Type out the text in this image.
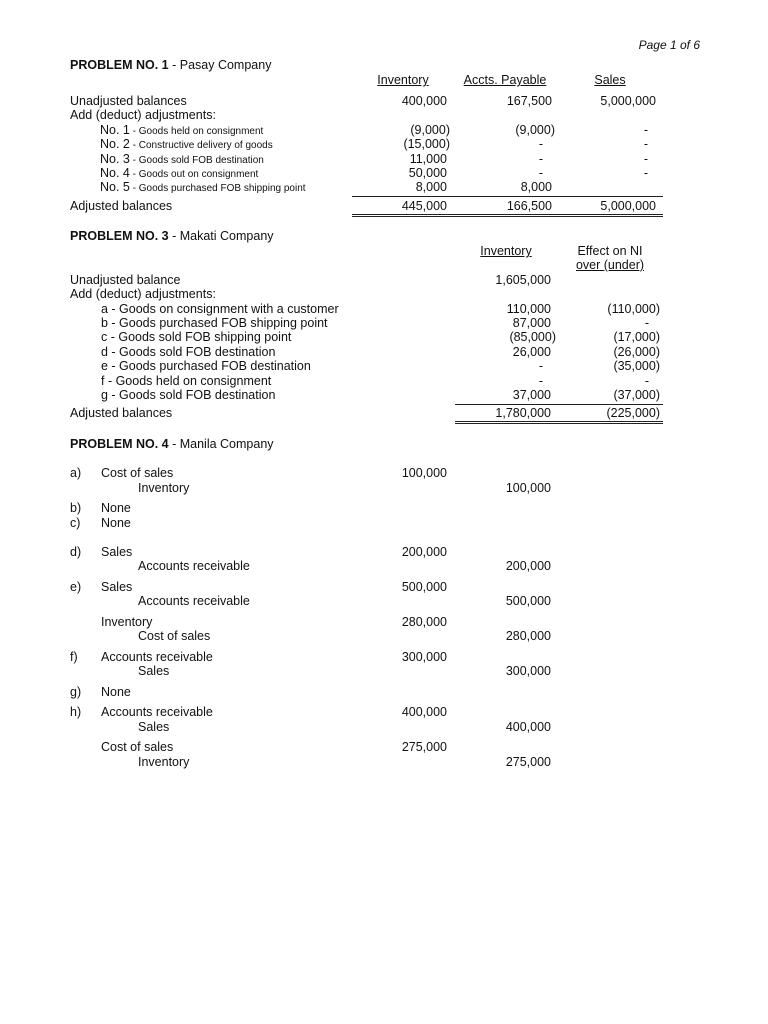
Page 1 of 6
PROBLEM NO. 1 - Pasay Company
Inventory	Accts. Payable	Sales
Unadjusted balances	400,000	167,500	5,000,000
Add (deduct) adjustments:
No. 1 - Goods held on consignment	(9,000)	(9,000)	-
No. 2 - Constructive delivery of goods	(15,000)	-	-
No. 3 - Goods sold FOB destination	11,000	-	-
No. 4 - Goods out on consignment	50,000	-	-
No. 5 - Goods purchased FOB shipping point	8,000	8,000
Adjusted balances	445,000	166,500	5,000,000
PROBLEM NO. 3 - Makati Company
Inventory	Effect on NI
over (under)
Unadjusted balance	1,605,000
Add (deduct) adjustments:
a - Goods on consignment with a customer	110,000	(110,000)
b - Goods purchased FOB shipping point	87,000	-
c - Goods sold FOB shipping point	(85,000)	(17,000)
d - Goods sold FOB destination	26,000	(26,000)
e - Goods purchased FOB destination	-	(35,000)
f - Goods held on consignment	-	-
g - Goods sold FOB destination	37,000	(37,000)
Adjusted balances	1,780,000	(225,000)
PROBLEM NO. 4 - Manila Company
a) Cost of sales	100,000
Inventory	100,000
b) None
c) None
d) Sales	200,000
Accounts receivable	200,000
e) Sales	500,000
Accounts receivable	500,000
Inventory	280,000
Cost of sales	280,000
f) Accounts receivable	300,000
Sales	300,000
g) None
h) Accounts receivable	400,000
Sales	400,000
Cost of sales	275,000
Inventory	275,000
